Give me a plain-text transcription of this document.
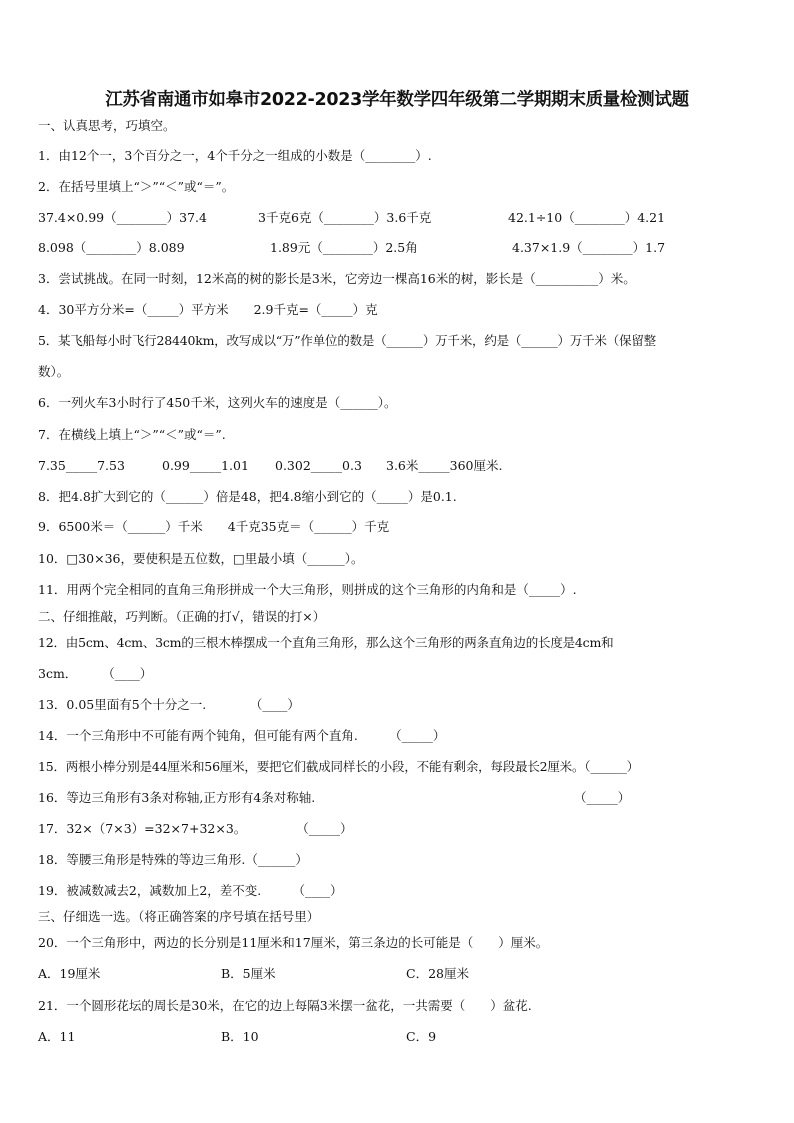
江苏省南通市如皋市2022-2023学年数学四年级第二学期期末质量检测试题
一、认真思考，巧填空。
1．由12个一，3个百分之一，4个千分之一组成的小数是（________）.
2．在括号里填上“＞”“＜”或“＝”。
37.4×0.99（________）37.4	3千克6克（________）3.6千克	42.1÷10（________）4.21
8.098（________）8.089	1.89元（________）2.5角	4.37×1.9（________）1.7
3．尝试挑战。在同一时刻，12米高的树的影长是3米，它旁边一棵高16米的树，影长是（__________）米。
4．30平方分米=（_____）平方米　　2.9千克=（_____）克
5．某飞船每小时飞行28440km，改写成以“万”作单位的数是（______）万千米，约是（______）万千米（保留整
数）。
6．一列火车3小时行了450千米，这列火车的速度是（______）。
7．在横线上填上“＞”“＜”或“＝”.
7.35_____7.53	0.99_____1.01 0.302_____0.3 3.6米_____360厘米.
8．把4.8扩大到它的（______）倍是48，把4.8缩小到它的（_____）是0.1.
9．6500米＝（______）千米　　4千克35克＝（______）千克
10．□30×36，要使积是五位数，□里最小填（______）。
11．用两个完全相同的直角三角形拼成一个大三角形，则拼成的这个三角形的内角和是（_____）.
二、仔细推敲，巧判断。（正确的打√，错误的打×）
12．由5cm、4cm、3cm的三根木棒摆成一个直角三角形，那么这个三角形的两条直角边的长度是4cm和
3cm．　　　（____）
13．0.05里面有5个十分之一.　　　　（____）
14．一个三角形中不可能有两个钝角，但可能有两个直角.　　　（_____）
15．两根小棒分别是44厘米和56厘米，要把它们截成同样长的小段，不能有剩余，每段最长2厘米。（______）
16．等边三角形有3条对称轴,正方形有4条对称轴.	（_____）
17．32×（7×3）=32×7+32×3。　　　　　（_____）
18．等腰三角形是特殊的等边三角形.（______）
19．被减数减去2，减数加上2，差不变.　　　（____）
三、仔细选一选。（将正确答案的序号填在括号里）
20．一个三角形中，两边的长分别是11厘米和17厘米，第三条边的长可能是（　　）厘米。
A．19厘米	B．5厘米	C．28厘米
21．一个圆形花坛的周长是30米，在它的边上每隔3米摆一盆花，一共需要（　　）盆花.
A．11	B．10	C．9
